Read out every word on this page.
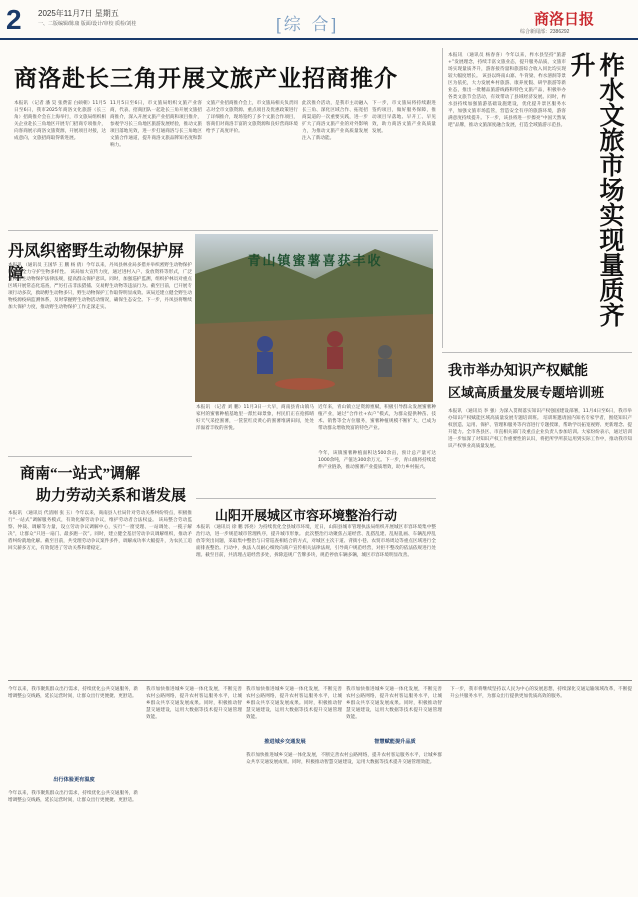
2 2025年11月7日 星期五
一、二版编辑/陈康 版面/设计/审校 质检/刘桂	[综 合]	商洛日报
综合新闻部：2386292
商洛赴长三角开展文旅产业招商推介
本报讯 （记者 潘 昊 张费雷 白硕朝）11月5日至6日，我市2025年商洛文化旅游（长三角）招商推介会在上海举行，市文旅局组织相关企业赴长三角地区开展专门招商专项推介，向客商展示商洛文旅资源，开展项目对接，达成意向，文旅招商取得新进展。
11月5日至6日，市文旅局组织文旅产业客商，代表、招商团队一起赴长三角开展文旅招商推介，深入开展文旅产业招商和项目推介，参观学习长三角地区旅游发展经验，推动文旅项目落地见效，进一步打通商洛与长三角地区文旅合作通道，提升商洛文旅品牌知名度和影响力。
文旅产业招商推介会上，市文旅局相关负责同志对全市文旅资源、重点项目及优惠政策进行了详细推介，现场签约了多个文旅合作项目，客商们对商洛丰富的文旅资源和良好营商环境给予了高度评价。
此次推介活动，是我市主动融入长三角、深化区域合作、拓宽招商渠道的一次重要实践，进一步扩大了商洛文旅产业的对外影响力，为推动文旅产业高质量发展注入了新动能。
下一步，市文旅局将持续跟进签约项目，做好服务保障，推动项目早落地、早开工、早见效，助力商洛文旅产业高质量发展。
本报讯 （通讯员 杨春喜）今年以来，柞水县坚持“旅游+”发展理念，持续丰富文旅业态，提升服务品质，文旅市场实现量质齐升，游客接待量和旅游综合收入同比均实现较大幅度增长。 该县以终南山寨、牛背梁、柞水溶洞等景区为依托，大力发展乡村旅游、康养度假、研学旅游等新业态，推出一批精品旅游线路和特色文旅产品，积极举办各类文旅节会活动，有效带动了县域经济发展。同时，柞水县持续加强旅游基础设施建设，优化提升景区服务水平，加强文旅市场监管，营造安全有序的旅游环境，游客满意度持续提升。下一步，该县将进一步擦亮“中国天然氧吧”品牌，推动文旅深度融合发展，打造全域旅游示范县。	柞水文旅市场实现量质齐升
丹凤织密野生动物保护屏障
本报讯 （通讯员 王国华 王 鹏 杨 倩）今年以来，丹凤县林业局多措并举织密野生动物保护屏障，全力守护生物多样性。 该局加大宣传力度，通过进村入户、发放资料等形式，广泛宣传野生动物保护法律法规，提高群众保护意识。同时，加强巡护监测，组织护林员对重点区域开展常态化巡查，严厉打击非法猎捕、交易野生动物等违法行为。截至目前，已开展专项行动多次，救助野生动物多只，野生动物保护工作取得明显成效。该局还建立健全野生动物疫源疫病监测体系，及时掌握野生动物活动情况，确保生态安全。下一步，丹凤县将继续加大保护力度，推动野生动物保护工作走深走实。
青山镇蜜薯喜获丰收
本报讯 （记者 刘 鹏）11月3日一大早，商南县青山镇马家村的蜜薯种植基地里一派忙碌景象，村民们正在抢抓晴好天气采挖蜜薯，一筐筐红皮黄心的蜜薯堆满田间，处处洋溢着丰收的喜悦。
近年来，青山镇立足资源禀赋，积极引导群众发展蜜薯种植产业，通过“合作社+农户”模式，为群众提供种苗、技术、销售等全方位服务，蜜薯种植规模不断扩大，已成为带动群众增收致富的特色产业。
今年，该镇蜜薯种植面积达500余亩，预计总产量可达1000余吨，产值达300余万元。下一步，青山镇将持续延伸产业链条，推动蜜薯产业提质增效，助力乡村振兴。
商南“一站式”调解
助力劳动关系和谐发展
本报讯 （通讯员 代清刚 张 玉）今年以来，商南县人社局针对劳动关系纠纷特点，积极推行“一站式”调解服务模式，有效化解劳动争议，维护劳动者合法权益。 该局整合劳动监察、仲裁、调解等力量，设立劳动争议调解中心，实行“一窗受理、一站调处、一揽子解决”，让群众“只进一扇门、最多跑一次”。同时，建立健全基层劳动争议调解组织，推动矛盾纠纷就地化解。截至目前，共受理劳动争议案件多件，调解成功率大幅提升，为农民工追回欠薪多万元，有效促进了劳动关系和谐稳定。
我市举办知识产权赋能
区域高质量发展专题培训班
本报讯 （通讯员 李 强）为深入贯彻落实知识产权强国建设部署，11月4日至6日，我市举办知识产权赋能区域高质量发展专题培训班。 培训班邀请国内知名专家学者，围绕知识产权创造、运用、保护、管理和服务等内容进行专题授课，帮助学员拓宽视野、更新理念、提升能力。全市各县区、市直相关部门及重点企业负责人参加培训。大家纷纷表示，通过培训进一步加深了对知识产权工作重要性的认识，将把所学所获运用到实际工作中，推动我市知识产权事业高质量发展。
山阳开展城区市容环境整治行动
本报讯 （通讯员 徐 鹏 郭亮）为持续优化全县城市环境，近日，山阳县城市管理执法局组织开展城区市容环境集中整治行动，进一步规范城市管理秩序，提升城市形象。 此次整治行动聚焦占道经营、乱搭乱建、乱贴乱画、车辆乱停乱放等突出问题，采取集中整治与日常巡查相结合的方式，对城区主次干道、背街小巷、农贸市场周边等重点区域进行全面排查整治。行动中，执法人员耐心细致向商户宣传相关法律法规，引导商户规范经营，对拒不整改的依法依规进行处理。截至目前，共清理占道经营多处，拆除违规广告牌多块，规范停放车辆多辆，城区市容环境明显改善。
今年以来，我市聚焦群众出行需求，持续优化公共交通服务，新增调整公交线路，延长运营时间，让群众出行更便捷、更舒适。
出行体验更有温度
今年以来，我市聚焦群众出行需求，持续优化公共交通服务，新增调整公交线路，延长运营时间，让群众出行更便捷、更舒适。
我市加快推进城乡交通一体化发展，不断完善农村公路网络，提升农村客运服务水平，让城乡群众共享交通发展成果。同时，积极推动智慧交通建设，运用大数据等技术提升交通管理效能。
推进城乡交通发展	智慧赋能提升品质
我市加快推进城乡交通一体化发展，不断完善农村公路网络，提升农村客运服务水平，让城乡群众共享交通发展成果。同时，积极推动智慧交通建设，运用大数据等技术提升交通管理效能。
我市加快推进城乡交通一体化发展，不断完善农村公路网络，提升农村客运服务水平，让城乡群众共享交通发展成果。同时，积极推动智慧交通建设，运用大数据等技术提升交通管理效能。
我市加快推进城乡交通一体化发展，不断完善农村公路网络，提升农村客运服务水平，让城乡群众共享交通发展成果。同时，积极推动智慧交通建设，运用大数据等技术提升交通管理效能。
下一步，我市将继续坚持以人民为中心的发展思想，持续深化交通运输领域改革，不断提升公共服务水平，为群众出行提供更加优质高效的服务。
